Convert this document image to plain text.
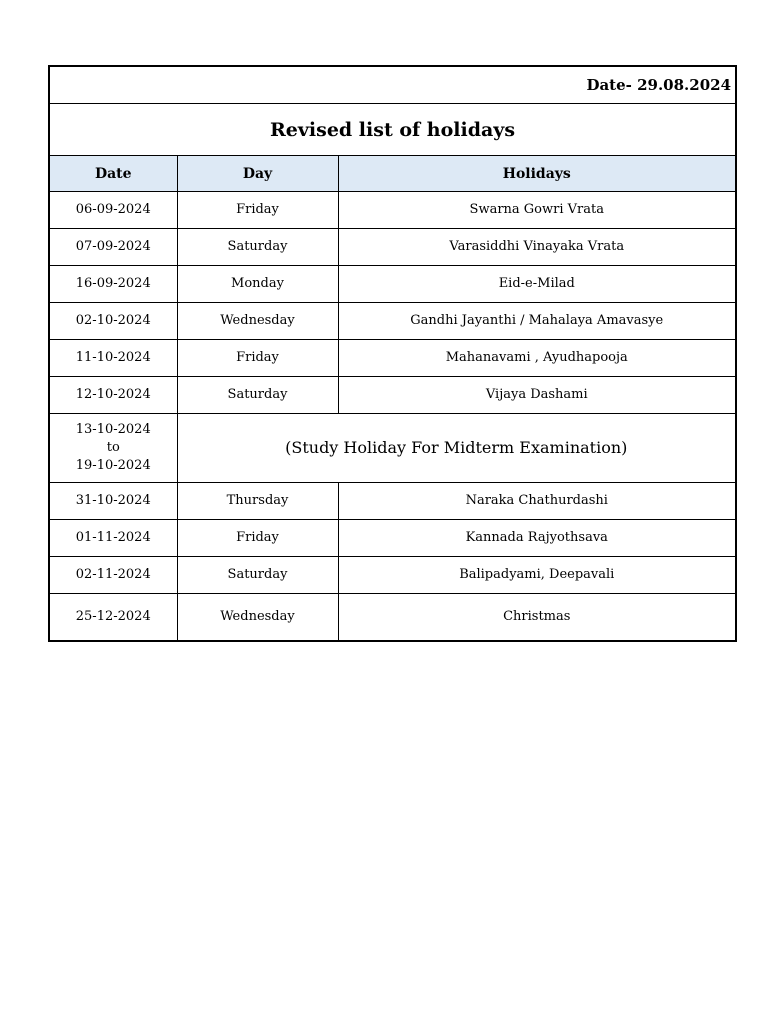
Date- 29.08.2024		
Revised list of holidays		
Date	Day	Holidays
06-09-2024	Friday	Swarna Gowri Vrata
07-09-2024	Saturday	Varasiddhi Vinayaka Vrata
16-09-2024	Monday	Eid-e-Milad
02-10-2024	Wednesday	Gandhi Jayanthi / Mahalaya Amavasye
11-10-2024	Friday	Mahanavami , Ayudhapooja
12-10-2024	Saturday	Vijaya Dashami

13-10-2024
to
19-10-2024	(Study Holiday For Midterm Examination)	
31-10-2024	Thursday	Naraka Chathurdashi
01-11-2024	Friday	Kannada Rajyothsava
02-11-2024	Saturday	Balipadyami, Deepavali
25-12-2024	Wednesday	Christmas
